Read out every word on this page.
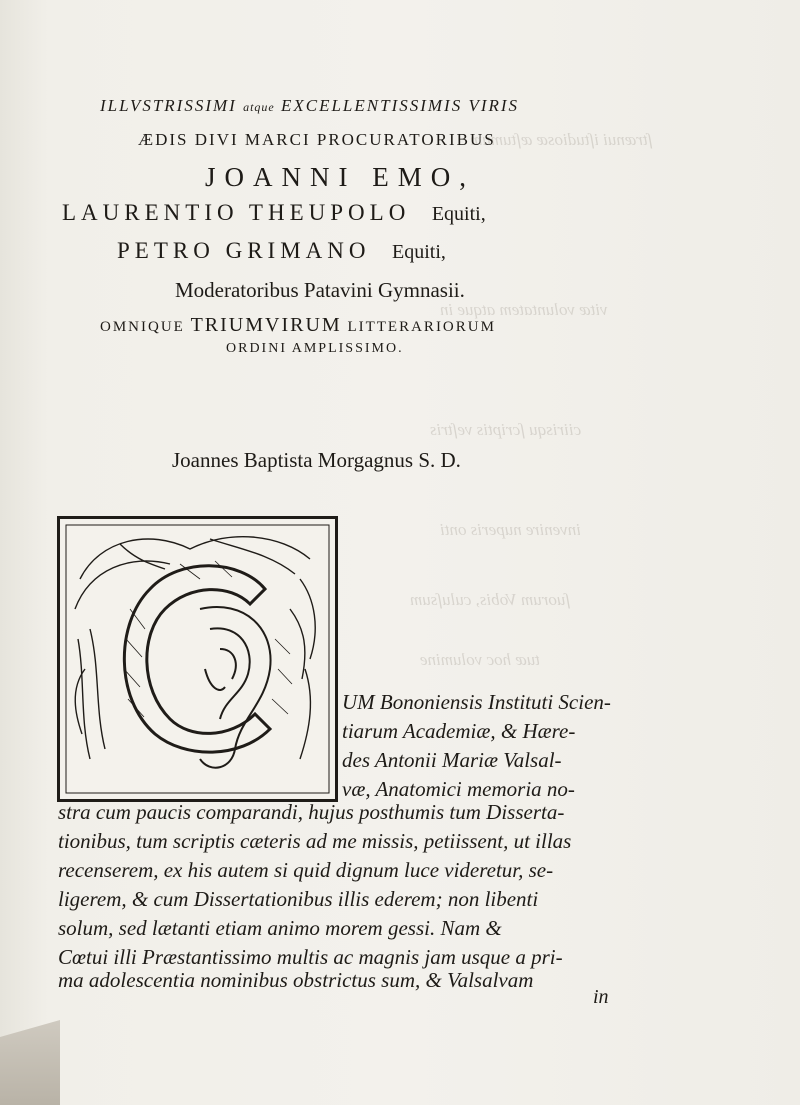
ſtrænui iſtudiosæ æſtumum
vitæ voluntatem atque in
ciirisqu ſcriptis veſtris
invenire nuperis onti
ſuorum Vobis, culuſsum
tuæ hoc volumine
ILLVSTRISSIMI atque EXCELLENTISSIMIS VIRIS
ÆDIS DIVI MARCI PROCURATORIBUS
JOANNI EMO,
LAURENTIO THEUPOLO Equiti,
PETRO GRIMANO Equiti,
Moderatoribus Patavini Gymnasii.
OMNIQUE TRIUMVIRUM LITTERARIORUM
ORDINI AMPLISSIMO.
Joannes Baptista Morgagnus S. D.
UM Bononiensis Instituti Scien-
tiarum Academiæ, & Hære-
des Antonii Mariæ Valsal-
væ, Anatomici memoria no-
stra cum paucis comparandi, hujus posthumis tum Disserta-
tionibus, tum scriptis cæteris ad me missis, petiissent, ut illas
recenserem, ex his autem si quid dignum luce videretur, se-
ligerem, & cum Dissertationibus illis ederem; non libenti
solum, sed lætanti etiam animo morem gessi. Nam &
Cœtui illi Præstantissimo multis ac magnis jam usque a pri-
ma adolescentia nominibus obstrictus sum, & Valsalvam
in
